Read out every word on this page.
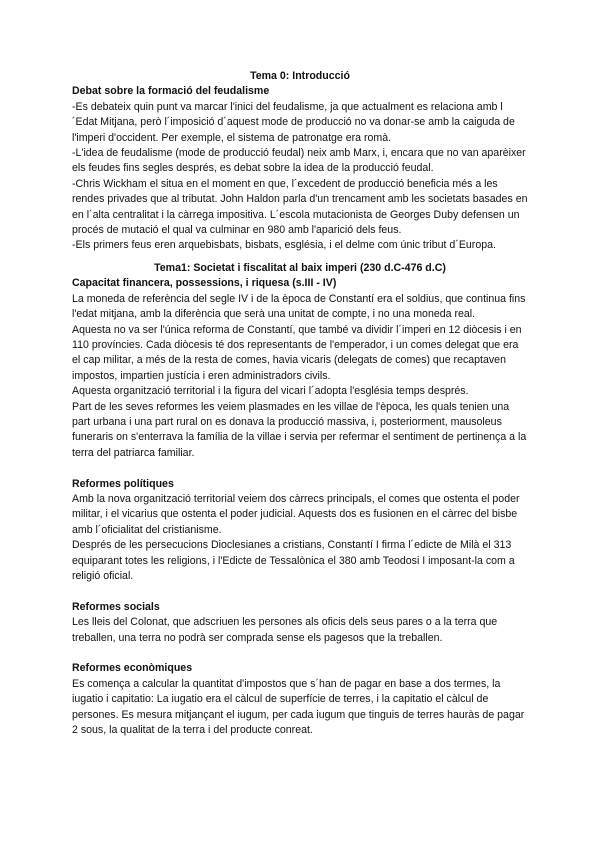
Tema 0: Introducció
Debat sobre la formació del feudalisme

-Es debateix quin punt va marcar l'inici del feudalisme, ja que actualment es relaciona amb l´Edat Mitjana, però l´imposició d´aquest mode de producció no va donar-se amb la caiguda de l'imperi d'occident. Per exemple, el sistema de patronatge era romà.

-L'idea de feudalisme (mode de producció feudal) neix amb Marx, i, encara que no van aparèixer els feudes fins segles després, es debat sobre la idea de la producció feudal.

-Chris Wickham el situa en el moment en que, l´excedent de producció beneficia més a les rendes privades que al tributat. John Haldon parla d'un trencament amb les societats basades en en l´alta centralitat i la càrrega impositiva. L´escola mutacionista de Georges Duby defensen un procés de mutació el qual va culminar en 980 amb l'aparició dels feus.

-Els primers feus eren arquebisbats, bisbats, església, i el delme com únic tribut d´Europa.

Tema1: Societat i fiscalitat al baix imperi (230 d.C-476 d.C)
Capacitat financera, possessions, i riquesa (s.III - IV)

La moneda de referència del segle IV i de la època de Constantí era el soldius, que continua fins l'edat mitjana, amb la diferència que serà una unitat de compte, i no una moneda real.

Aquesta no va ser l'única reforma de Constantí, que també va dividir l´imperi en 12 diòcesis i en 110 províncies. Cada diòcesis té dos representants de l'emperador, i un comes delegat que era el cap militar, a més de la resta de comes, havia vicaris (delegats de comes) que recaptaven impostos, impartien justícia i eren administradors civils.

Aquesta organització territorial i la figura del vicari l´adopta l'església temps després.

Part de les seves reformes les veiem plasmades en les villae de l'època, les quals tenien una part urbana i una part rural on es donava la producció massiva, i, posteriorment, mausoleus funeraris on s'enterrava la família de la villae i servia per refermar el sentiment de pertinença a la terra del patriarca familiar.

Reformes polítiques

Amb la nova organització territorial veiem dos càrrecs principals, el comes que ostenta el poder militar, i el vicarius que ostenta el poder judicial. Aquests dos es fusionen en el càrrec del bisbe amb l´oficialitat del cristianisme.

Després de les persecucions Dioclesianes a cristians, Constantí I firma l´edicte de Milà el 313 equiparant totes les religions, i l'Edicte de Tessalònica el 380 amb Teodosi I imposant-la com a religió oficial.

Reformes socials

Les lleis del Colonat, que adscriuen les persones als oficis dels seus pares o a la terra que treballen, una terra no podrà ser comprada sense els pagesos que la treballen.

Reformes econòmiques

Es comença a calcular la quantitat d'impostos que s´han de pagar en base a dos termes, la iugatio i capitatio: La iugatio era el càlcul de superfície de terres, i la capitatio el càlcul de persones. Es mesura mitjançant el iugum, per cada iugum que tinguis de terres hauràs de pagar 2 sous, la qualitat de la terra i del producte conreat.
